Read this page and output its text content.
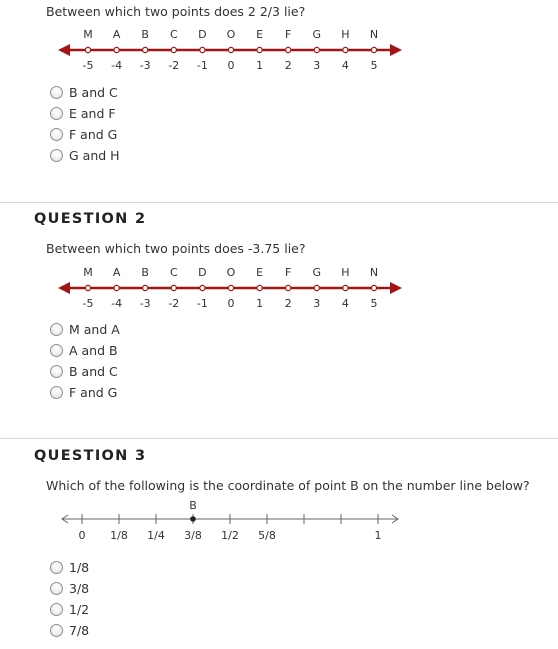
Between which two points does 2 2/3 lie?
M A B C D O E F G H N
-5 -4 -3 -2 -1 0 1 2 3 4 5
B and C
E and F
F and G
G and H
QUESTION 2
Between which two points does -3.75 lie?
M A B C D O E F G H N
-5 -4 -3 -2 -1 0 1 2 3 4 5
M and A
A and B
B and C
F and G
QUESTION 3
Which of the following is the coordinate of point B on the number line below?
B
0 1/8 1/4 3/8 1/2 5/8	1
1/8
3/8
1/2
7/8
